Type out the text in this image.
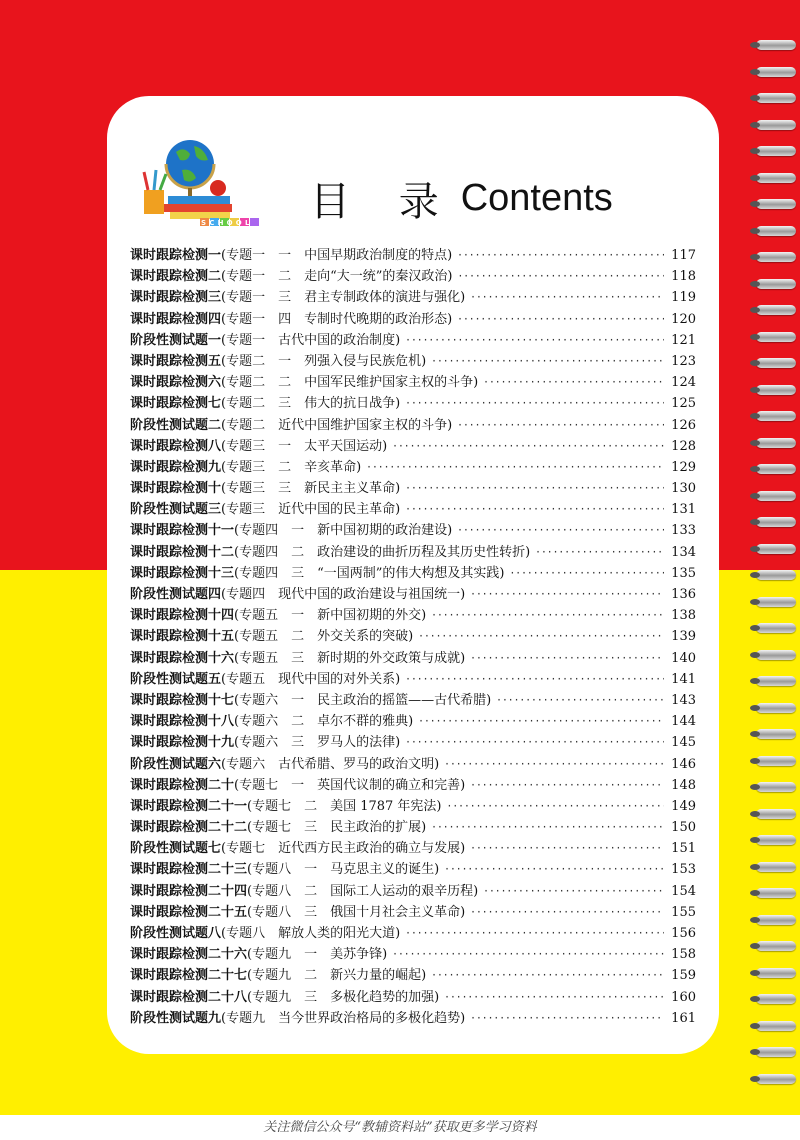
SCHOOL 目 录 Contents
课时跟踪检测一 (专题一　一　中国早期政治制度的特点) ·····	117
课时跟踪检测二 (专题一　二　走向“大一统”的秦汉政治) ·····	118
课时跟踪检测三 (专题一　三　君主专制政体的演进与强化) ·····	119
课时跟踪检测四 (专题一　四　专制时代晚期的政治形态) ·····	120
阶段性测试题一 (专题一　古代中国的政治制度) ·····	121
课时跟踪检测五 (专题二　一　列强入侵与民族危机) ·····	123
课时跟踪检测六 (专题二　二　中国军民维护国家主权的斗争) ·····	124
课时跟踪检测七 (专题二　三　伟大的抗日战争) ·····	125
阶段性测试题二 (专题二　近代中国维护国家主权的斗争) ·····	126
课时跟踪检测八 (专题三　一　太平天国运动) ·····	128
课时跟踪检测九 (专题三　二　辛亥革命) ·····	129
课时跟踪检测十 (专题三　三　新民主主义革命) ·····	130
阶段性测试题三 (专题三　近代中国的民主革命) ·····	131
课时跟踪检测十一 (专题四　一　新中国初期的政治建设) ·····	133
课时跟踪检测十二 (专题四　二　政治建设的曲折历程及其历史性转折) ·····	134
课时跟踪检测十三 (专题四　三　“一国两制”的伟大构想及其实践) ·····	135
阶段性测试题四 (专题四　现代中国的政治建设与祖国统一) ·····	136
课时跟踪检测十四 (专题五　一　新中国初期的外交) ·····	138
课时跟踪检测十五 (专题五　二　外交关系的突破) ·····	139
课时跟踪检测十六 (专题五　三　新时期的外交政策与成就) ·····	140
阶段性测试题五 (专题五　现代中国的对外关系) ·····	141
课时跟踪检测十七 (专题六　一　民主政治的摇篮——古代希腊) ·····	143
课时跟踪检测十八 (专题六　二　卓尔不群的雅典) ·····	144
课时跟踪检测十九 (专题六　三　罗马人的法律) ·····	145
阶段性测试题六 (专题六　古代希腊、罗马的政治文明) ·····	146
课时跟踪检测二十 (专题七　一　英国代议制的确立和完善) ·····	148
课时跟踪检测二十一 (专题七　二　美国 1787 年宪法) ·····	149
课时跟踪检测二十二 (专题七　三　民主政治的扩展) ·····	150
阶段性测试题七 (专题七　近代西方民主政治的确立与发展) ·····	151
课时跟踪检测二十三 (专题八　一　马克思主义的诞生) ·····	153
课时跟踪检测二十四 (专题八　二　国际工人运动的艰辛历程) ·····	154
课时跟踪检测二十五 (专题八　三　俄国十月社会主义革命) ·····	155
阶段性测试题八 (专题八　解放人类的阳光大道) ·····	156
课时跟踪检测二十六 (专题九　一　美苏争锋) ·····	158
课时跟踪检测二十七 (专题九　二　新兴力量的崛起) ·····	159
课时跟踪检测二十八 (专题九　三　多极化趋势的加强) ·····	160
阶段性测试题九 (专题九　当今世界政治格局的多极化趋势) ·····	161
关注微信公众号“教辅资料站”获取更多学习资料
